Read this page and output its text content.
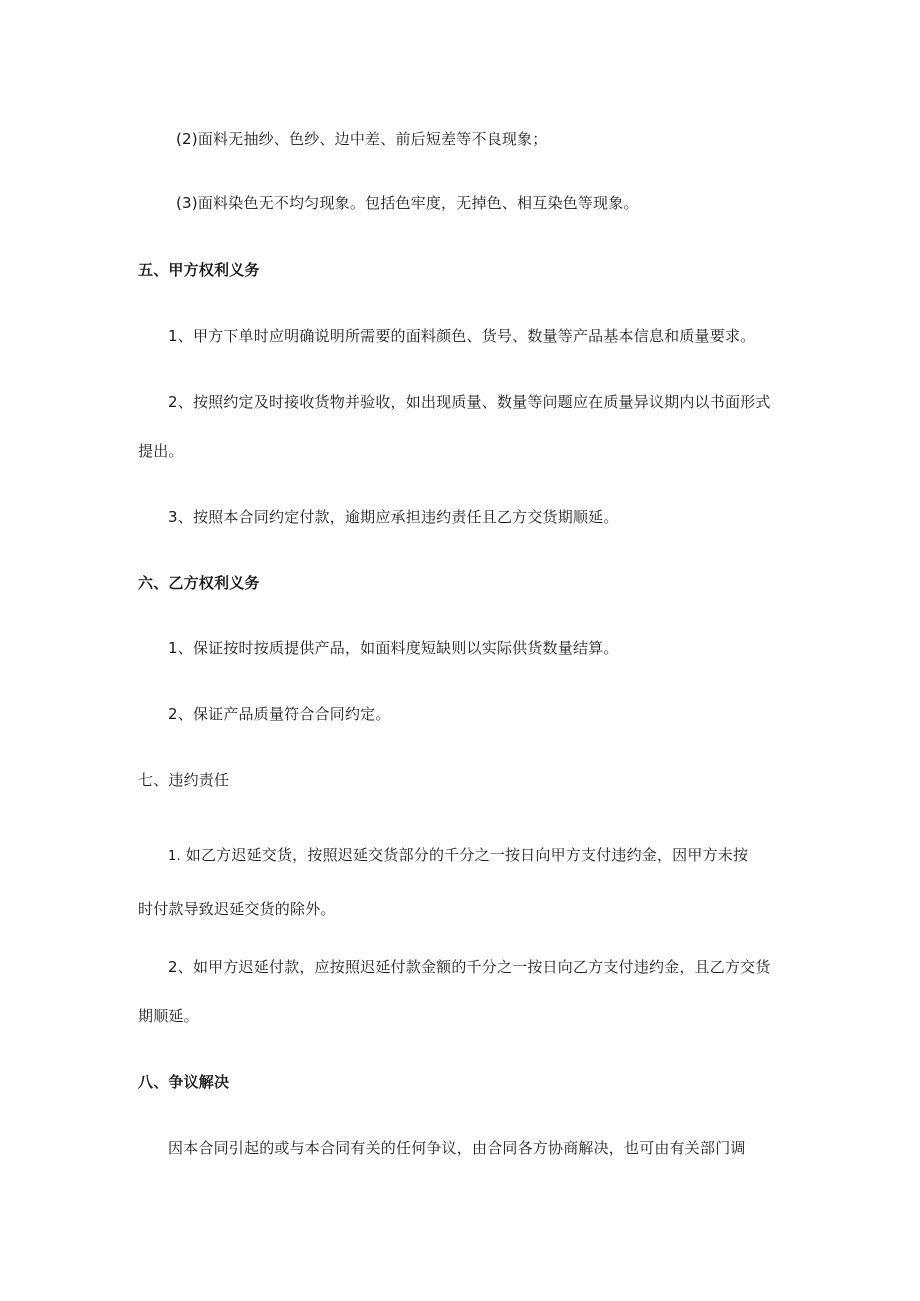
(2)面料无抽纱、色纱、边中差、前后短差等不良现象；
(3)面料染色无不均匀现象。包括色牢度，无掉色、相互染色等现象。
五、甲方权利义务
1、甲方下单时应明确说明所需要的面料颜色、货号、数量等产品基本信息和质量要求。
2、按照约定及时接收货物并验收，如出现质量、数量等问题应在质量异议期内以书面形式
提出。
3、按照本合同约定付款，逾期应承担违约责任且乙方交货期顺延。
六、乙方权利义务
1、保证按时按质提供产品，如面料度短缺则以实际供货数量结算。
2、保证产品质量符合合同约定。
七、违约责任
1. 如乙方迟延交货，按照迟延交货部分的千分之一按日向甲方支付违约金，因甲方未按
时付款导致迟延交货的除外。
2、如甲方迟延付款，应按照迟延付款金额的千分之一按日向乙方支付违约金，且乙方交货
期顺延。
八、争议解决
因本合同引起的或与本合同有关的任何争议，由合同各方协商解决，也可由有关部门调
